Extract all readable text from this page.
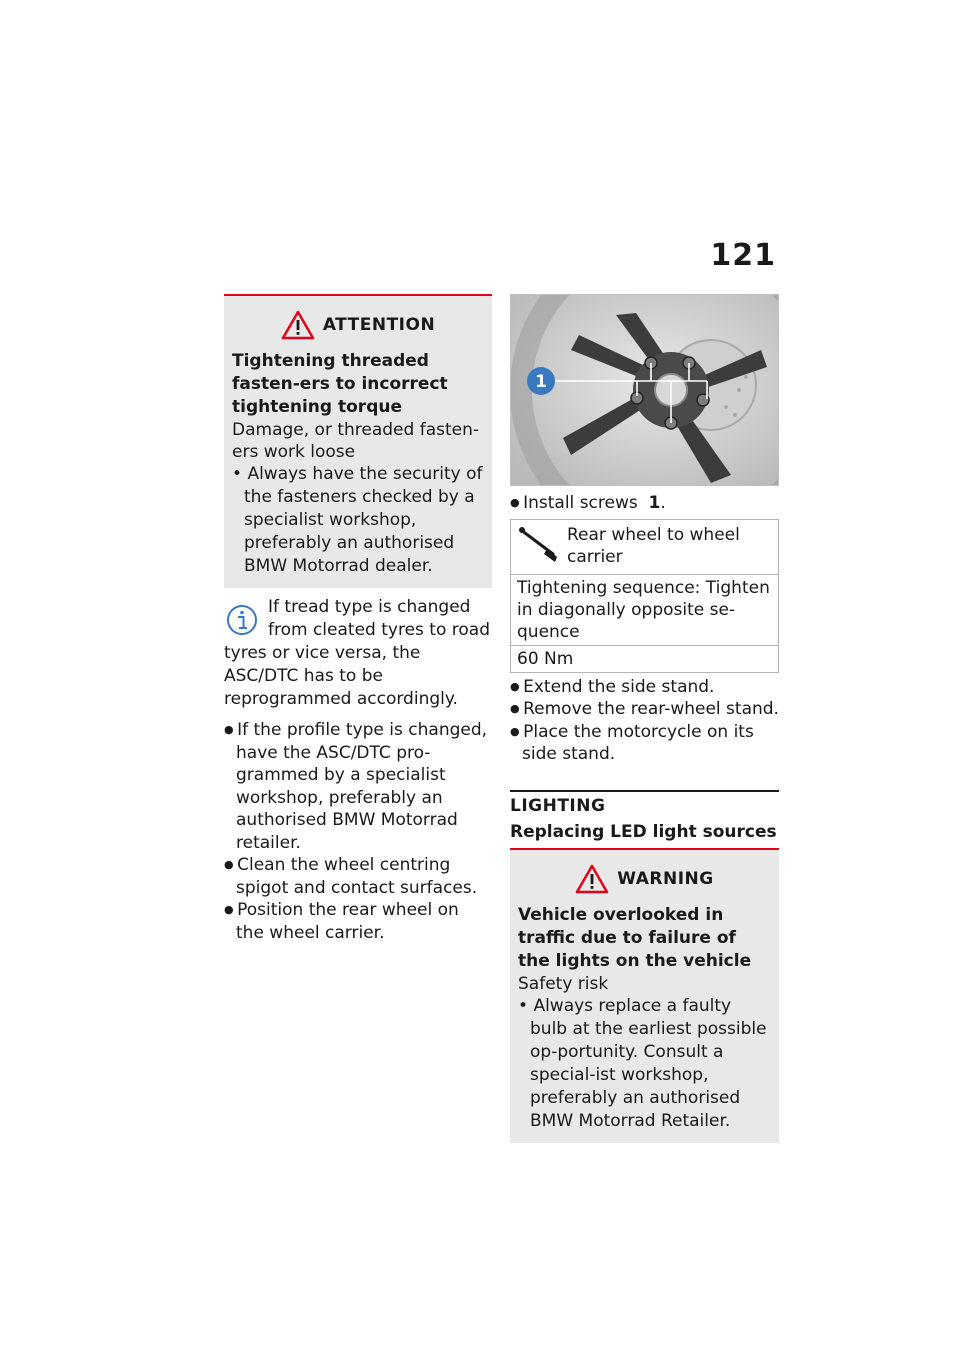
121
ATTENTION
Tightening threaded fasten-ers to incorrect tightening torque
Damage, or threaded fasten-ers work loose
• Always have the security of the fasteners checked by a specialist workshop, preferably an authorised BMW Motorrad dealer.
If tread type is changed from cleated tyres to road tyres or vice versa, the ASC/DTC has to be reprogrammed accordingly.
● If the profile type is changed, have the ASC/DTC pro-grammed by a specialist workshop, preferably an authorised BMW Motorrad retailer.
● Clean the wheel centring spigot and contact surfaces.
● Position the rear wheel on the wheel carrier.
1
● Install screws 1.
Rear wheel to wheel carrier
Tightening sequence: Tighten in diagonally opposite se-quence
60 Nm
● Extend the side stand.
● Remove the rear-wheel stand.
● Place the motorcycle on its side stand.
LIGHTING
Replacing LED light sources
WARNING
Vehicle overlooked in traffic due to failure of the lights on the vehicle
Safety risk
• Always replace a faulty bulb at the earliest possible op-portunity. Consult a special-ist workshop, preferably an authorised BMW Motorrad Retailer.
